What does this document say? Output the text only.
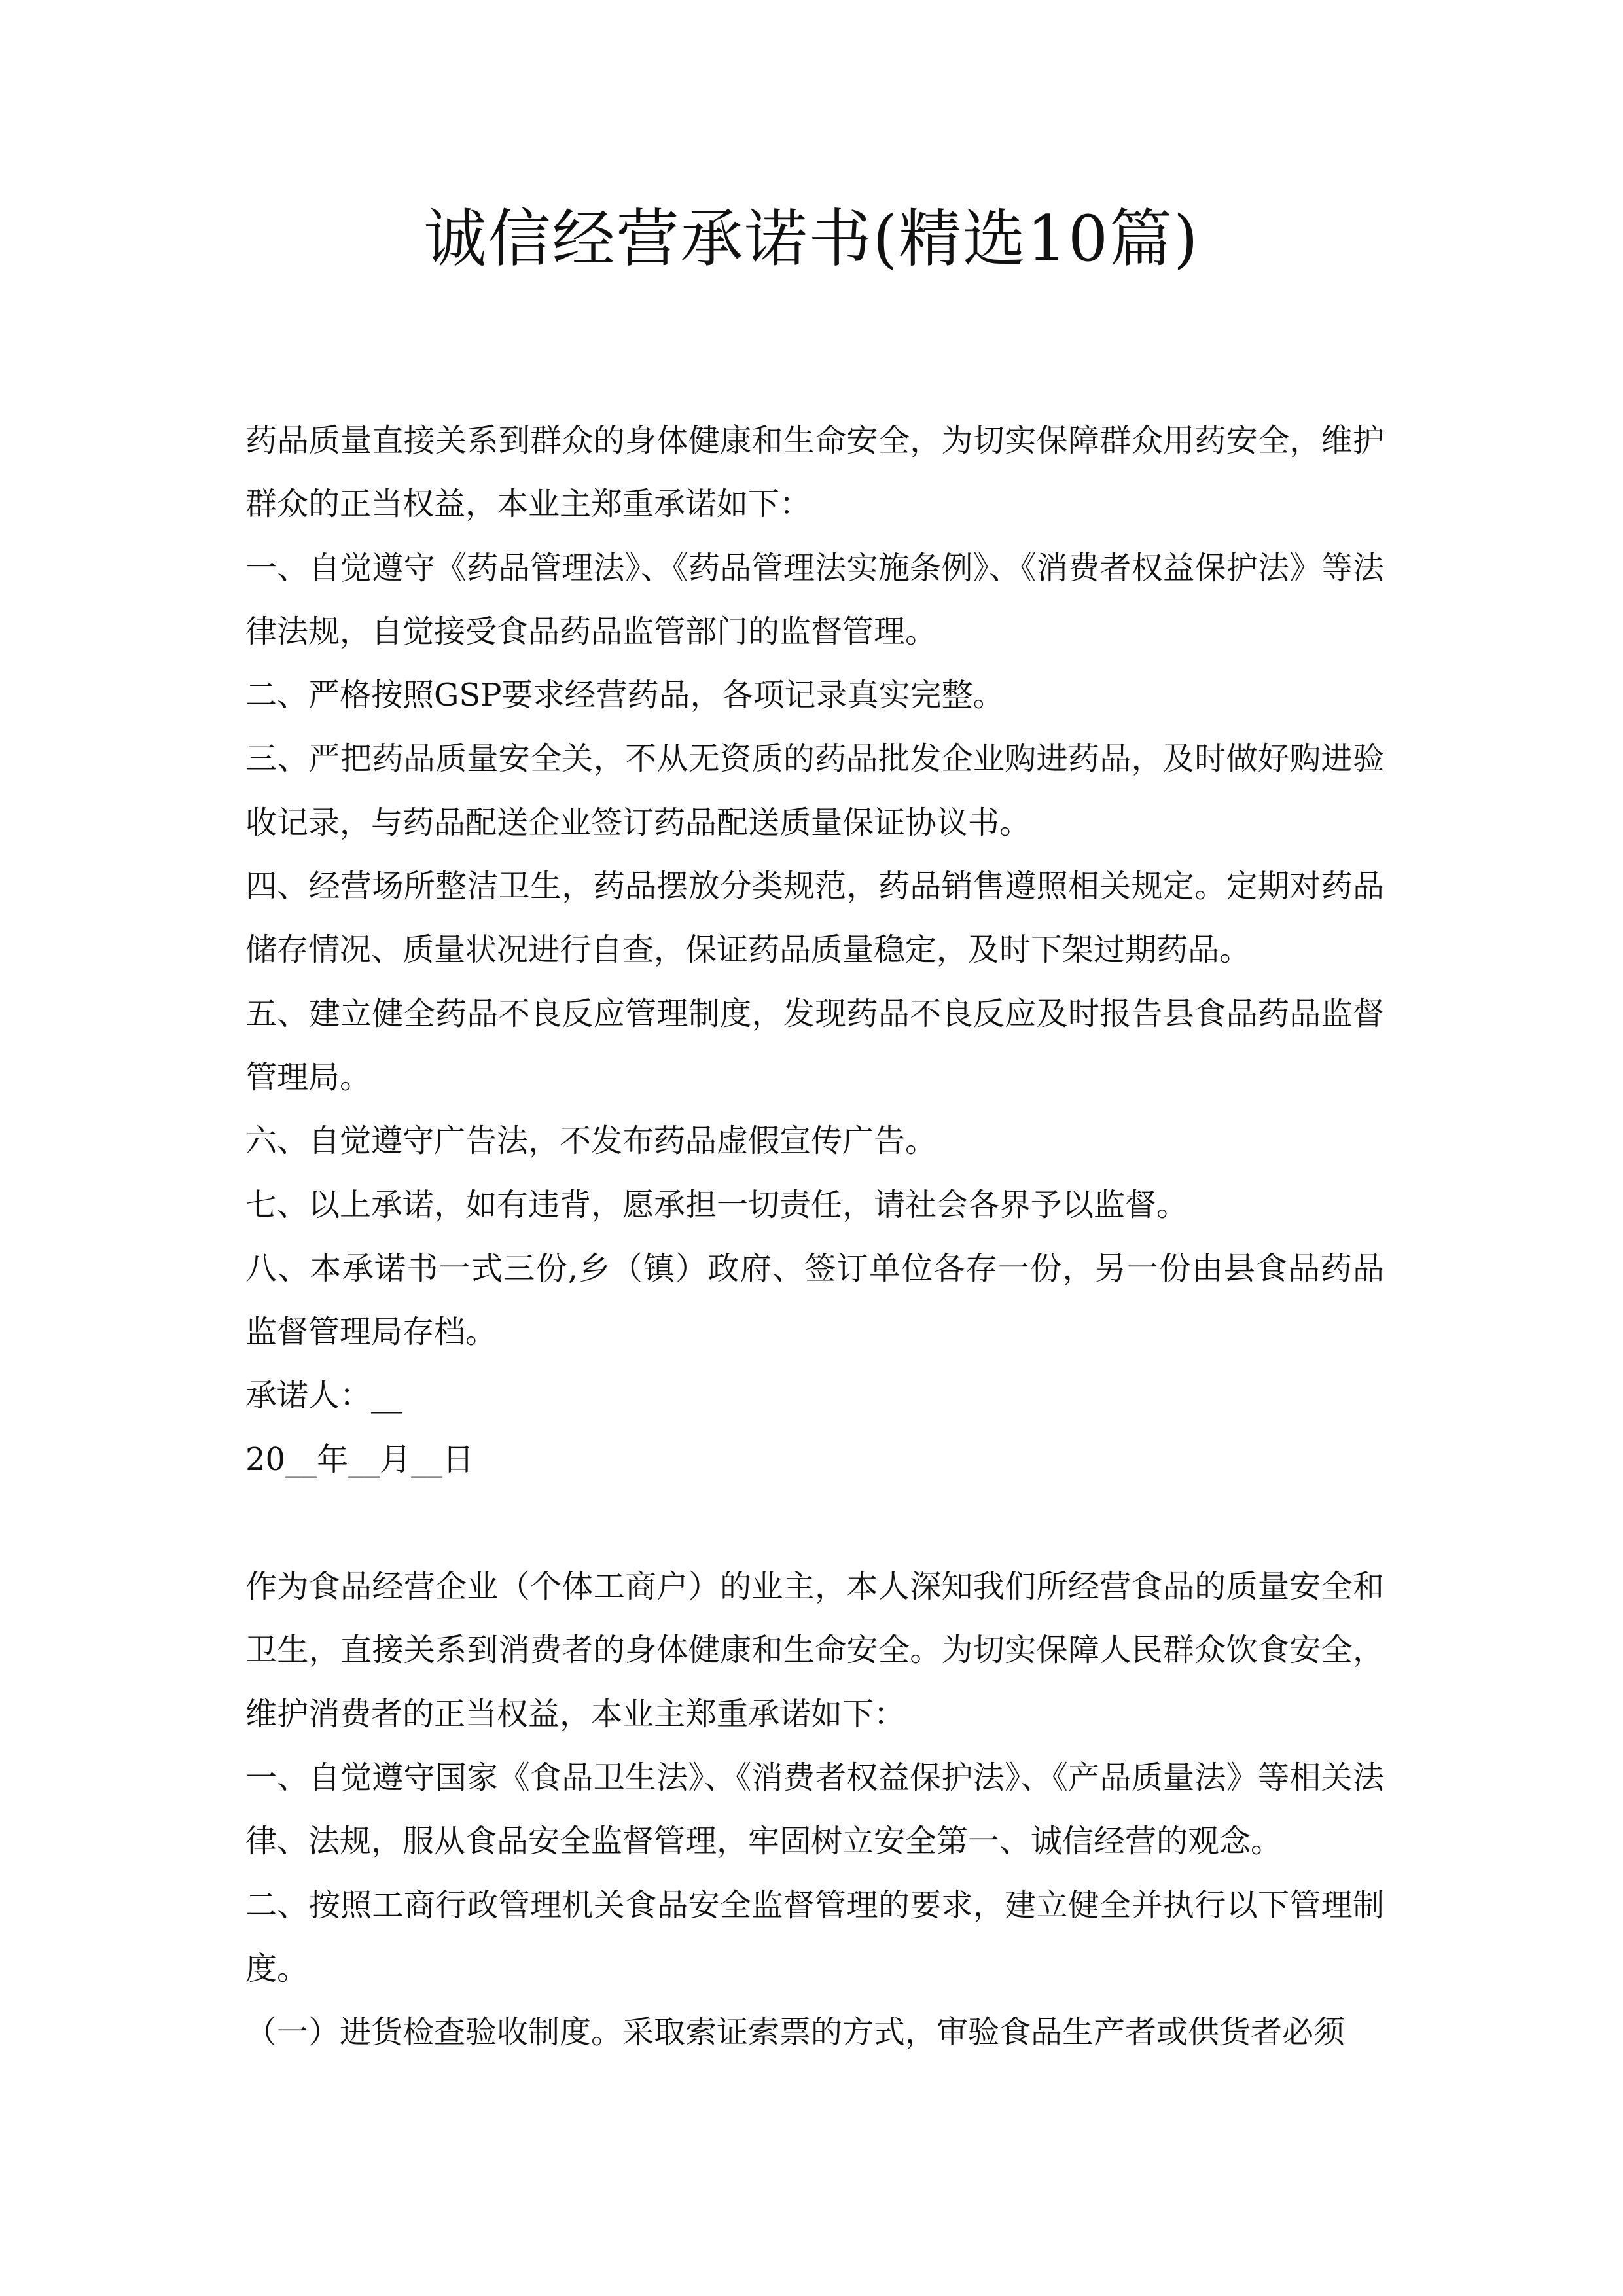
诚信经营承诺书(精选10篇)

药品质量直接关系到群众的身体健康和生命安全，为切实保障群众用药安全，维护群众的正当权益，本业主郑重承诺如下：

一、自觉遵守《药品管理法》、《药品管理法实施条例》、《消费者权益保护法》等法律法规，自觉接受食品药品监管部门的监督管理。

二、严格按照GSP要求经营药品，各项记录真实完整。

三、严把药品质量安全关，不从无资质的药品批发企业购进药品，及时做好购进验收记录，与药品配送企业签订药品配送质量保证协议书。

四、经营场所整洁卫生，药品摆放分类规范，药品销售遵照相关规定。定期对药品储存情况、质量状况进行自查，保证药品质量稳定，及时下架过期药品。

五、建立健全药品不良反应管理制度，发现药品不良反应及时报告县食品药品监督管理局。

六、自觉遵守广告法，不发布药品虚假宣传广告。

七、以上承诺，如有违背，愿承担一切责任，请社会各界予以监督。

八、本承诺书一式三份,乡（镇）政府、签订单位各存一份，另一份由县食品药品监督管理局存档。

承诺人：__

20__年__月__日

作为食品经营企业（个体工商户）的业主，本人深知我们所经营食品的质量安全和卫生，直接关系到消费者的身体健康和生命安全。为切实保障人民群众饮食安全，维护消费者的正当权益，本业主郑重承诺如下：

一、自觉遵守国家《食品卫生法》、《消费者权益保护法》、《产品质量法》等相关法律、法规，服从食品安全监督管理，牢固树立安全第一、诚信经营的观念。

二、按照工商行政管理机关食品安全监督管理的要求，建立健全并执行以下管理制度。

（一）进货检查验收制度。采取索证索票的方式，审验食品生产者或供货者必须
